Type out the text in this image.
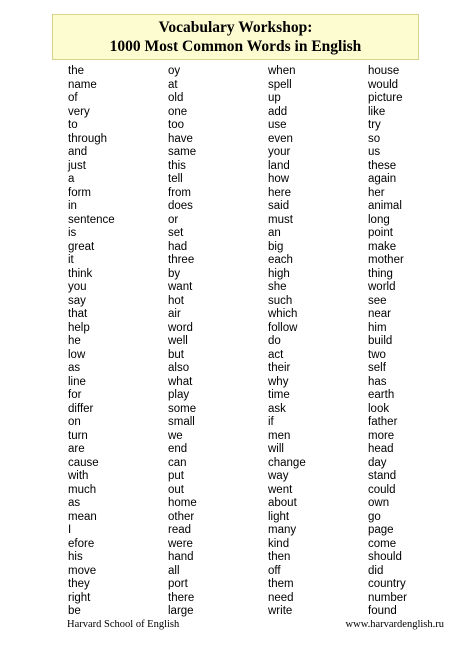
Vocabulary Workshop:
1000 Most Common Words in English
the
name
of
very
to
through
and
just
a
form
in
sentence
is
great
it
think
you
say
that
help
he
low
as
line
for
differ
on
turn
are
cause
with
much
as
mean
I
efore
his
move
they
right
be
oy
at
old
one
too
have
same
this
tell
from
does
or
set
had
three
by
want
hot
air
word
well
but
also
what
play
some
small
we
end
can
put
out
home
other
read
were
hand
all
port
there
large
when
spell
up
add
use
even
your
land
how
here
said
must
an
big
each
high
she
such
which
follow
do
act
their
why
time
ask
if
men
will
change
way
went
about
light
many
kind
then
off
them
need
write
house
would
picture
like
try
so
us
these
again
her
animal
long
point
make
mother
thing
world
see
near
him
build
two
self
has
earth
look
father
more
head
day
stand
could
own
go
page
come
should
did
country
number
found
Harvard School of English	www.harvardenglish.ru
